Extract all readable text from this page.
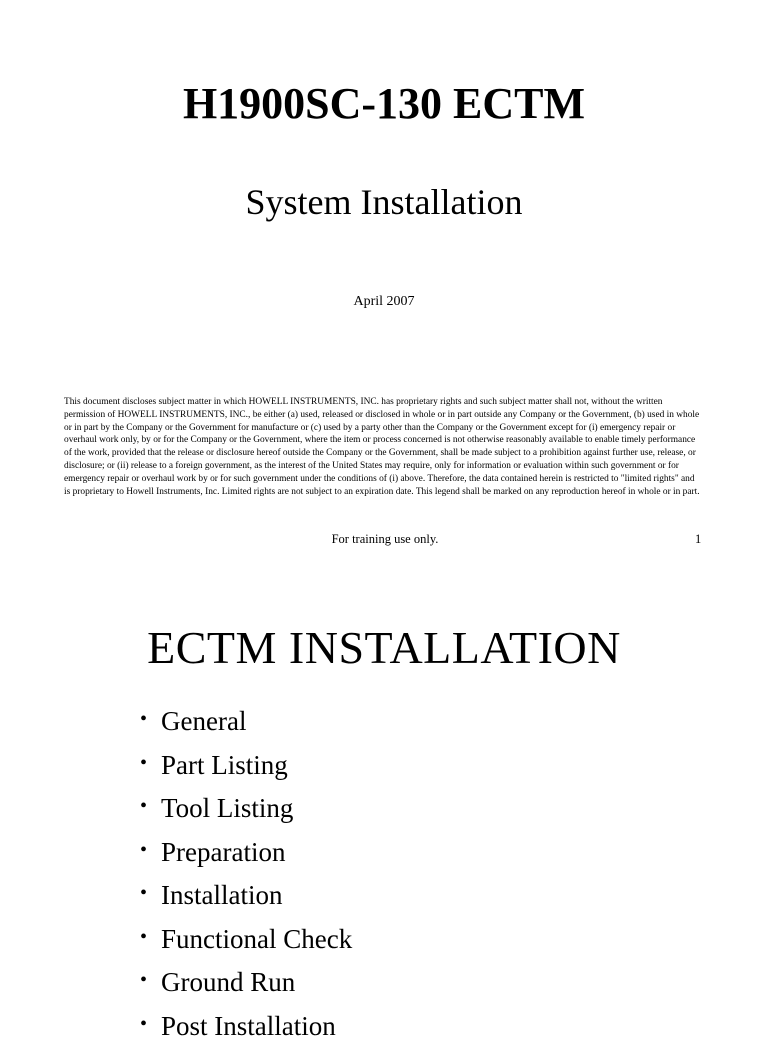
H1900SC-130 ECTM
System Installation
April 2007
This document discloses subject matter in which HOWELL INSTRUMENTS, INC. has proprietary rights and such subject matter shall not, without the written permission of HOWELL INSTRUMENTS, INC., be either (a) used, released or disclosed in whole or in part outside any Company or the Government, (b) used in whole or in part by the Company or the Government for manufacture or (c) used by a party other than the Company or the Government except for (i) emergency repair or overhaul work only, by or for the Company or the Government, where the item or process concerned is not otherwise reasonably available to enable timely performance of the work, provided that the release or disclosure hereof outside the Company or the Government, shall be made subject to a prohibition against further use, release, or disclosure; or (ii) release to a foreign government, as the interest of the United States may require, only for information or evaluation within such government or for emergency repair or overhaul work by or for such government under the conditions of (i) above. Therefore, the data contained herein is restricted to "limited rights" and is proprietary to Howell Instruments, Inc. Limited rights are not subject to an expiration date. This legend shall be marked on any reproduction hereof in whole or in part.
For training use only.	1
ECTM INSTALLATION
• General
• Part Listing
• Tool Listing
• Preparation
• Installation
• Functional Check
• Ground Run
• Post Installation
